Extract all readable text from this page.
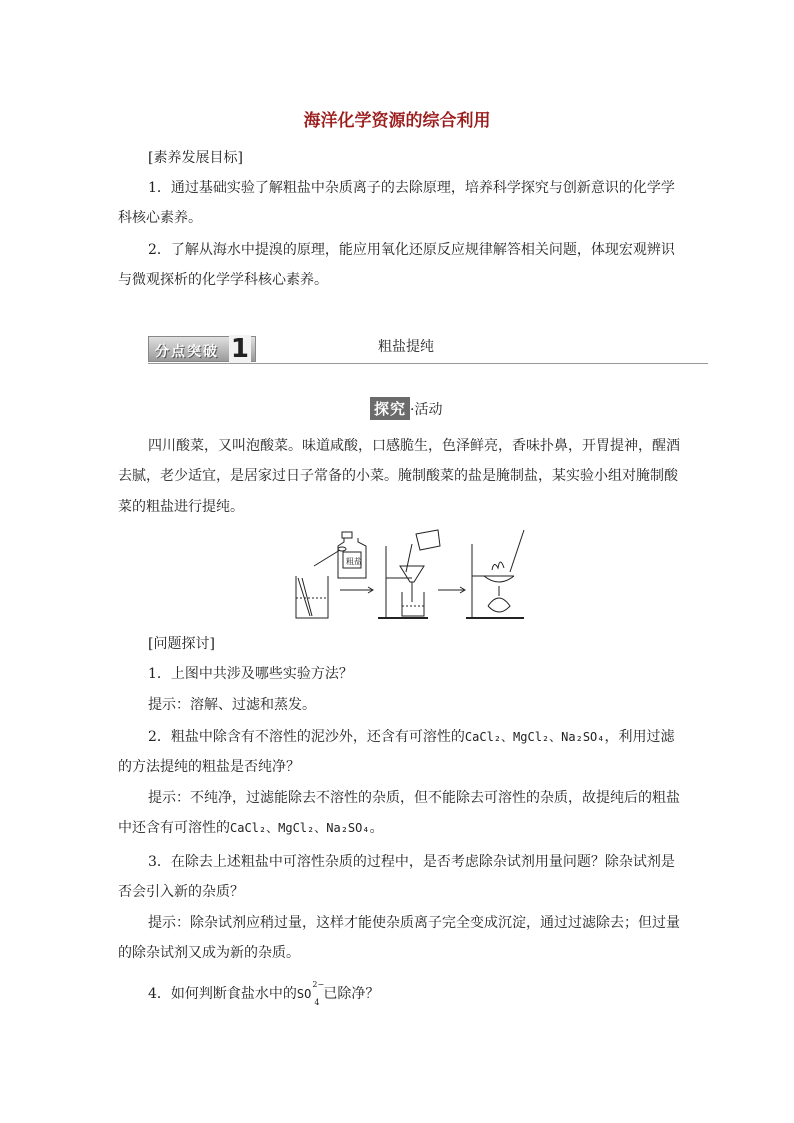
海洋化学资源的综合利用
[素养发展目标]
1．通过基础实验了解粗盐中杂质离子的去除原理，培养科学探究与创新意识的化学学
科核心素养。
2．了解从海水中提溴的原理，能应用氧化还原反应规律解答相关问题，体现宏观辨识
与微观探析的化学学科核心素养。
分点突破 1	粗盐提纯
探究 ·活动
四川酸菜，又叫泡酸菜。味道咸酸，口感脆生，色泽鲜亮，香味扑鼻，开胃提神，醒酒
去腻，老少适宜，是居家过日子常备的小菜。腌制酸菜的盐是腌制盐，某实验小组对腌制酸
菜的粗盐进行提纯。
粗盐
[问题探讨]
1．上图中共涉及哪些实验方法？
提示：溶解、过滤和蒸发。
2．粗盐中除含有不溶性的泥沙外，还含有可溶性的CaCl₂、MgCl₂、Na₂SO₄，利用过滤
的方法提纯的粗盐是否纯净？
提示：不纯净，过滤能除去不溶性的杂质，但不能除去可溶性的杂质，故提纯后的粗盐
中还含有可溶性的CaCl₂、MgCl₂、Na₂SO₄。
3．在除去上述粗盐中可溶性杂质的过程中，是否考虑除杂试剂用量问题？除杂试剂是
否会引入新的杂质？
提示：除杂试剂应稍过量，这样才能使杂质离子完全变成沉淀，通过过滤除去；但过量
的除杂试剂又成为新的杂质。
4．如何判断食盐水中的SO
2−
4
已除净？
